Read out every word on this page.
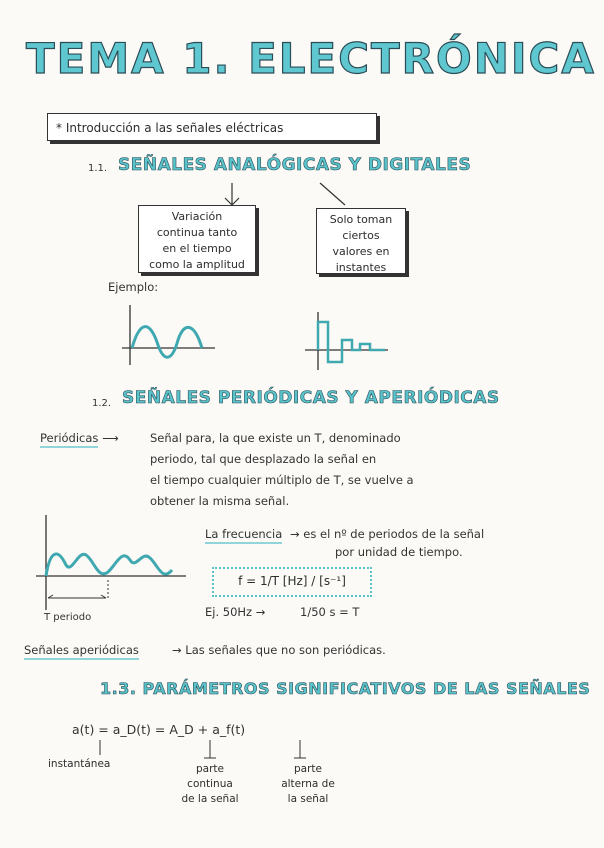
TEMA 1. ELECTRÓNICA
* Introducción a las señales eléctricas
1.1. SEÑALES ANALÓGICAS Y DIGITALES
Variación
continua tanto
en el tiempo
como la amplitud
Solo toman
ciertos
valores en
instantes
Ejemplo:
1.2. SEÑALES PERIÓDICAS Y APERIÓDICAS
Periódicas ⟶	Señal para, la que existe un T, denominado
periodo, tal que desplazado la señal en
el tiempo cualquier múltiplo de T, se vuelve a
obtener la misma señal.
T periodo
La frecuencia → es el nº de periodos de la señal
por unidad de tiempo.
f = 1/T [Hz] / [s⁻¹]
Ej. 50Hz →	1/50 s = T
Señales aperiódicas	→ Las señales que no son periódicas.
1.3. PARÁMETROS SIGNIFICATIVOS DE LAS SEÑALES
a(t) = a_D(t) = A_D + a_f(t)
instantánea	parte
continua
de la señal
parte
alterna de
la señal
